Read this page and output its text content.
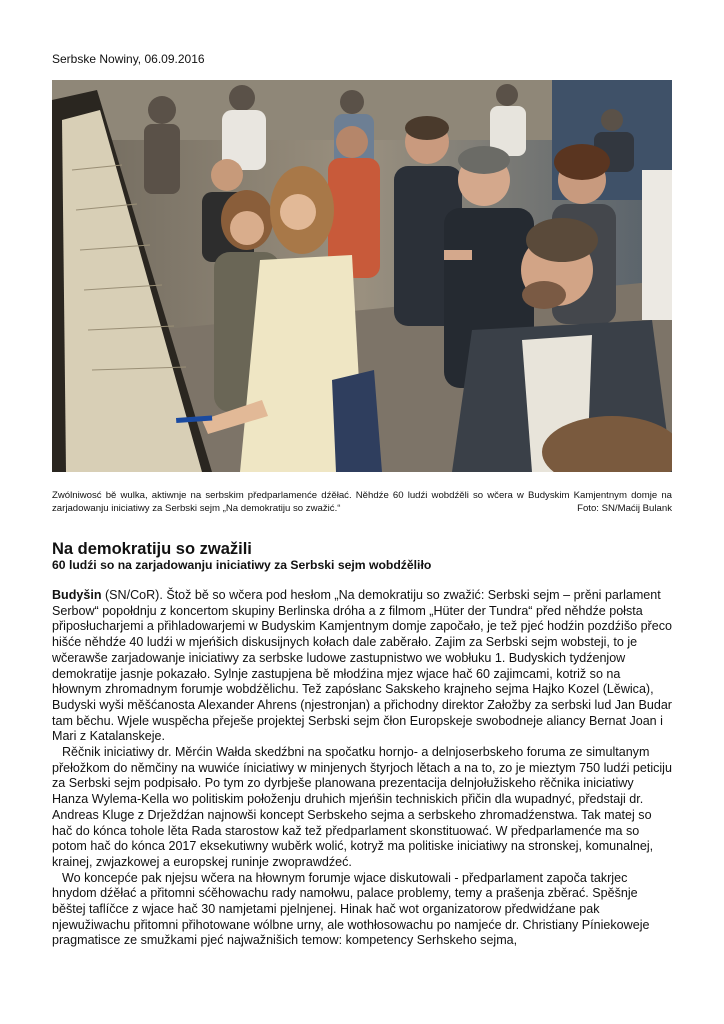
Serbske Nowiny, 06.09.2016
Zwólniwosć bě wulka, aktiwnje na serbskim předparlamenće dźěłać. Něhdźe 60 ludźi wobdźěli so wčera w Budyskim Kamjentnym domje na zarjadowanju iniciatiwy za Serbski sejm „Na demokratiju so zwažić.“	Foto: SN/Maćij Bulank
Na demokratiju so zwažili
60 ludźi so na zarjadowanju iniciatiwy za Serbski sejm wobdźěliło

Budyšin (SN/CoR). Štož bě so wčera pod hesłom „Na demokratiju so zwažić: Serbski sejm – prěni parlament Serbow“ popołdnju z koncertom skupiny Berlinska dróha a z filmom „Hüter der Tundra“ před něhdźe połsta připosłucharjemi a přihladowarjemi w Budyskim Kamjentnym domje započało, je tež pjeć hodźin pozdźišo přeco hišće něhdźe 40 ludźi w mjeńšich diskusijnych kołach dale zaběrało. Zajim za Serbski sejm wobsteji, to je wčerawše zarjadowanje iniciatiwy za serbske ludowe zastupnistwo we wobłuku 1. Budyskich tydźenjow demokratije jasnje pokazało. Sylnje zastupjena bě młodźina mjez wjace hač 60 zajimcami, kotriž so na hłownym zhromadnym forumje wobdźělichu. Tež zapósłanc Sakskeho krajneho sejma Hajko Kozel (Lěwica), Budyski wyši měšćanosta Alexander Ahrens (njestronjan) a přichodny direktor Załožby za serbski lud Jan Budar tam běchu. Wjele wuspěcha přeješe projektej Serbski sejm čłon Europskeje swobodneje aliancy Bernat Joan i Mari z Katalanskeje.

Rěčnik iniciatiwy dr. Měrćin Wałda skedźbni na spočatku hornjo- a delnjoserbskeho foruma ze simultanym přełožkom do němčiny na wuwiće íniciatiwy w minjenych štyrjoch lětach a na to, zo je mieztym 750 ludźi peticiju za Serbski sejm podpisało. Po tym zo dyrbješe planowana prezentacija delnjołužiskeho rěčnika iniciatiwy Hanza Wylema-Kella wo politiskim połoženju druhich mjeńšin techniskich přičin dla wupadnyć, předstaji dr. Andreas Kluge z Drježdźan najnowši koncept Serbskeho sejma a serbskeho zhromadźenstwa. Tak matej so hač do kónca tohole lěta Rada starostow kaž tež předparlament skonstituować. W předparlamenće ma so potom hač do kónca 2017 eksekutiwny wuběrk wolić, kotryž ma politiske iniciatiwy na stronskej, komunalnej, krainej, zwjazkowej a europskej runinje zwoprawdźeć.

Wo koncepće pak njejsu wčera na hłownym forumje wjace diskutowali - předparlament započa takrjec hnydom dźěłać a přitomni sćěhowachu rady namołwu, palace problemy, temy a prašenja zběrać. Spěšnje běštej taflíčce z wjace hač 30 namjetami pjelnjenej. Hinak hač wot organizatorow předwidźane pak njewužiwachu přitomni přihotowane wólbne urny, ale wothłosowachu po namjeće dr. Christiany Píniekoweje pragmatisce ze smužkami pjeć najwažnišich temow: kompetency Serhskeho sejma,
